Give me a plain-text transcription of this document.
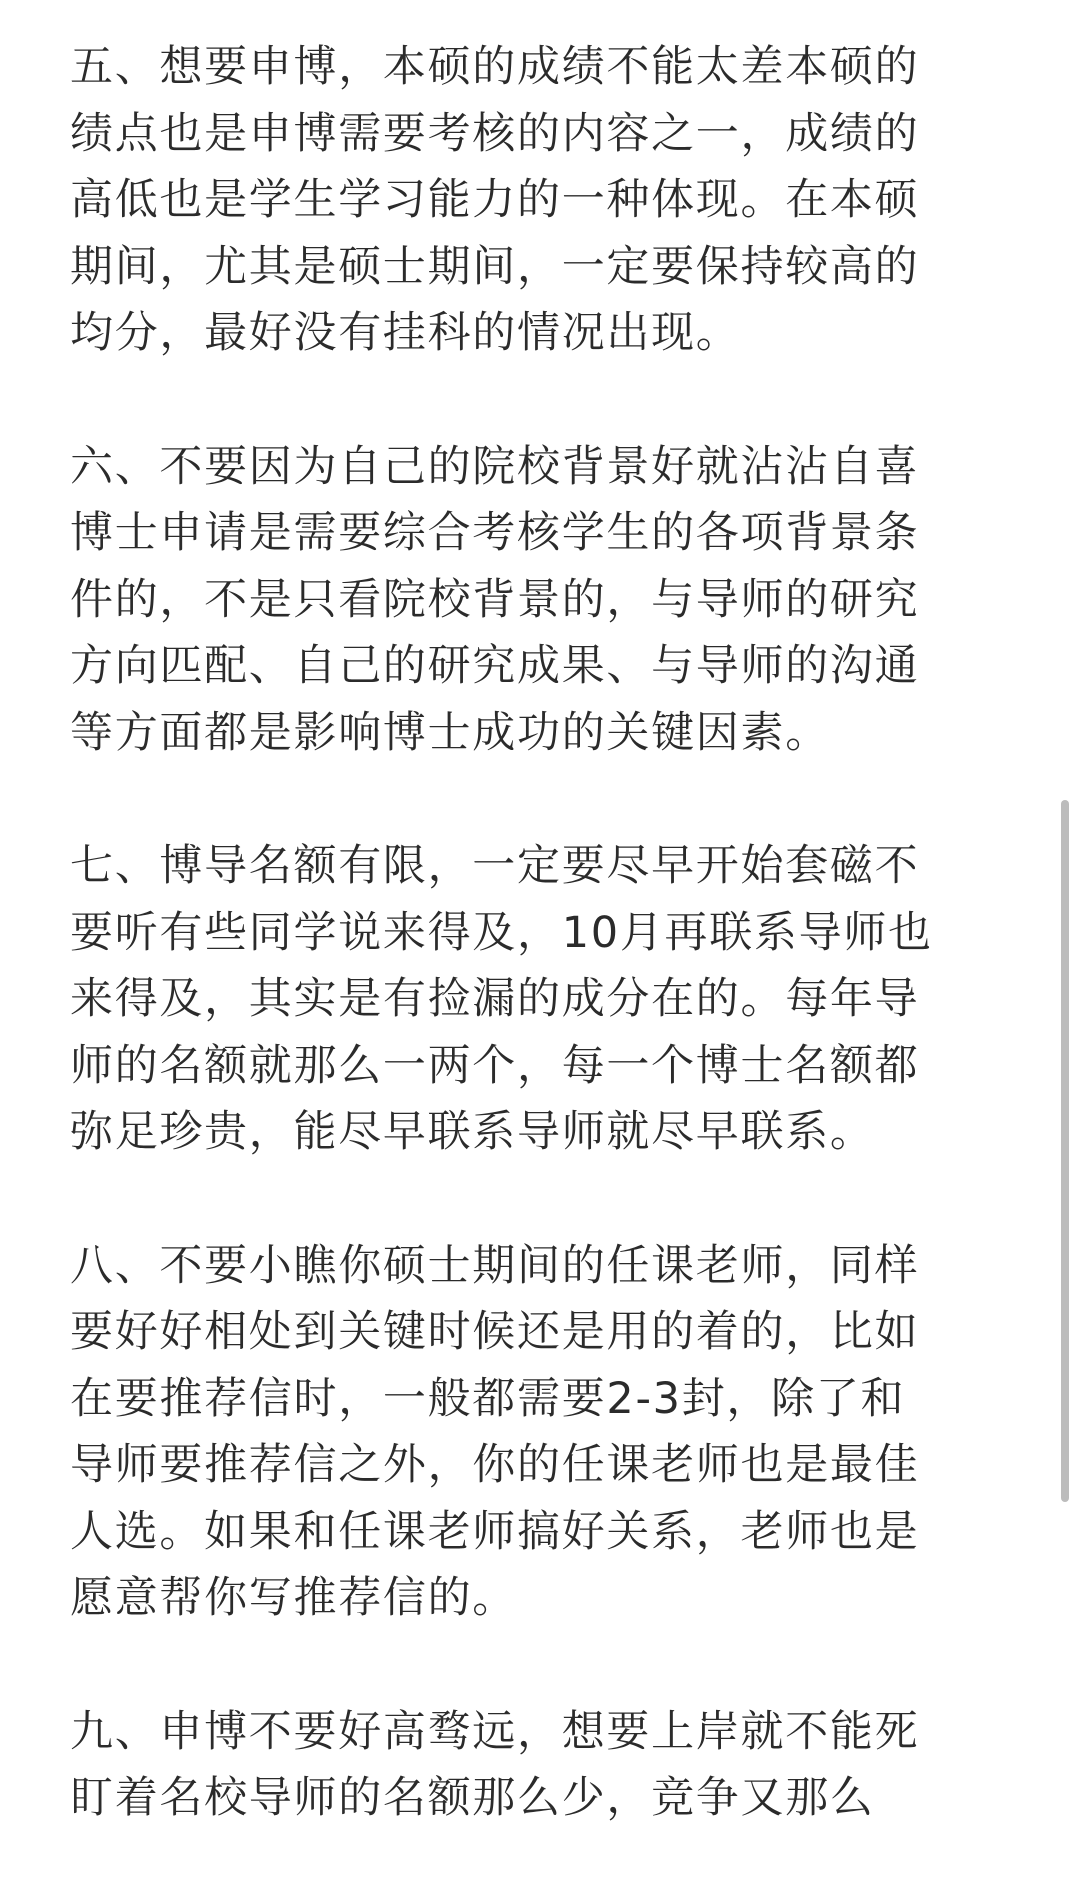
五、想要申博，本硕的成绩不能太差本硕的
绩点也是申博需要考核的内容之一，成绩的
高低也是学生学习能力的一种体现。在本硕
期间，尤其是硕士期间，一定要保持较高的
均分，最好没有挂科的情况出现。

六、不要因为自己的院校背景好就沾沾自喜
博士申请是需要综合考核学生的各项背景条
件的，不是只看院校背景的，与导师的研究
方向匹配、自己的研究成果、与导师的沟通
等方面都是影响博士成功的关键因素。

七、博导名额有限，一定要尽早开始套磁不
要听有些同学说来得及，10月再联系导师也
来得及，其实是有捡漏的成分在的。每年导
师的名额就那么一两个，每一个博士名额都
弥足珍贵，能尽早联系导师就尽早联系。

八、不要小瞧你硕士期间的任课老师，同样
要好好相处到关键时候还是用的着的，比如
在要推荐信时，一般都需要2-3封，除了和
导师要推荐信之外，你的任课老师也是最佳
人选。如果和任课老师搞好关系，老师也是
愿意帮你写推荐信的。

九、申博不要好高骛远，想要上岸就不能死
盯着名校导师的名额那么少，竞争又那么
